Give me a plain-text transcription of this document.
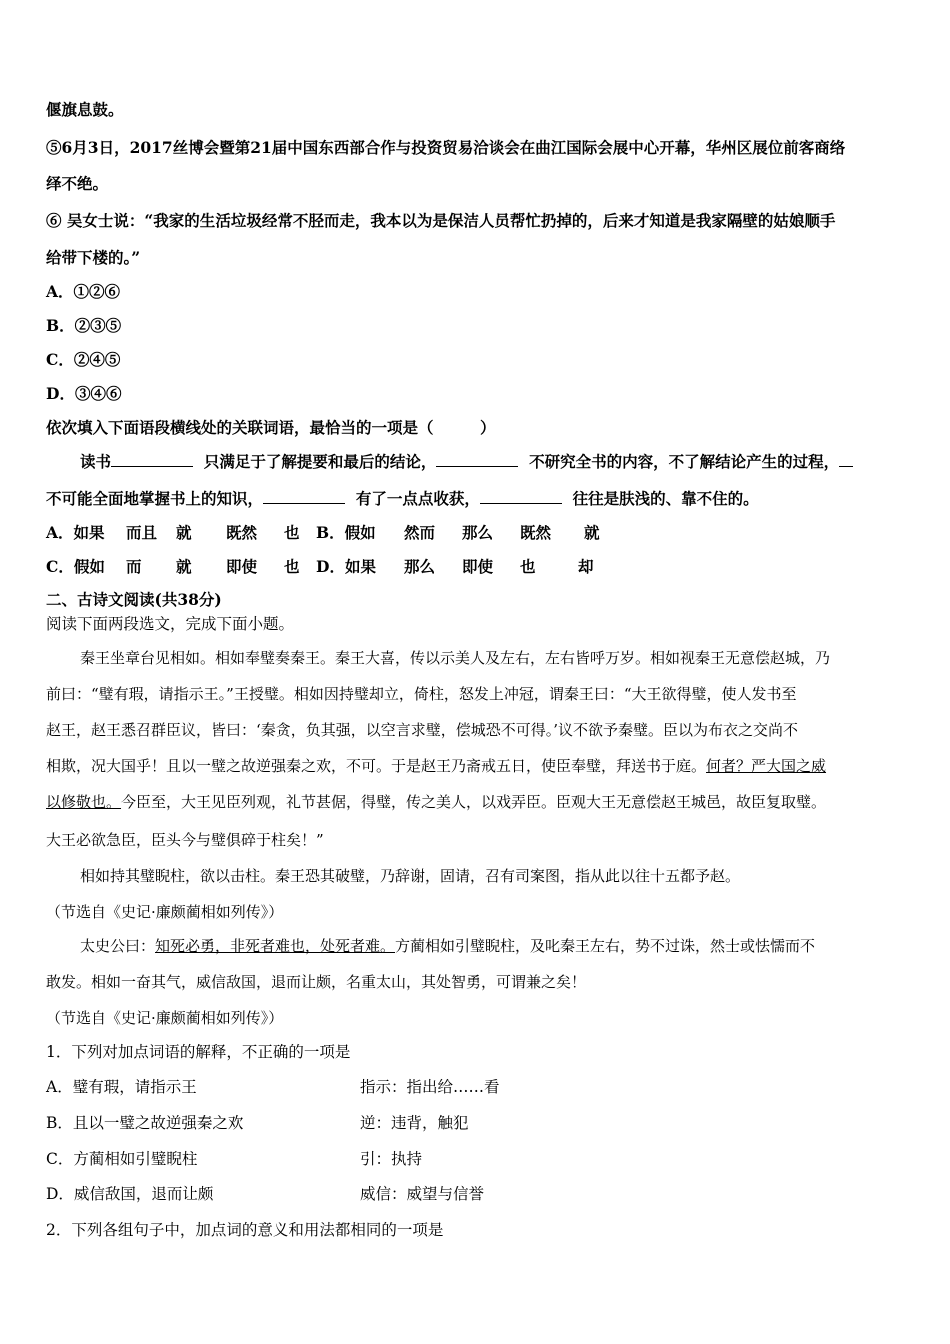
偃旗息鼓。
⑤6月3日，2017丝博会暨第21届中国东西部合作与投资贸易洽谈会在曲江国际会展中心开幕，华州区展位前客商络
绎不绝。
⑥ 吴女士说：“我家的生活垃圾经常不胫而走，我本以为是保洁人员帮忙扔掉的，后来才知道是我家隔壁的姑娘顺手
给带下楼的。”
A．①②⑥
B．②③⑤
C．②④⑤
D．③④⑥
依次填入下面语段横线处的关联词语，最恰当的一项是（　　　）
读书	只满足于了解提要和最后的结论，	不研究全书的内容，不了解结论产生的过程，
不可能全面地掌握书上的知识，	有了一点点收获，	往往是肤浅的、靠不住的。
A．如果 而且 就 既然 也 B．假如 然而 那么 既然 就
C．假如 而 就 即使 也 D．如果 那么 即使 也	却
二、古诗文阅读(共38分)
阅读下面两段选文，完成下面小题。
秦王坐章台见相如。相如奉璧奏秦王。秦王大喜，传以示美人及左右，左右皆呼万岁。相如视秦王无意偿赵城，乃
前曰：“璧有瑕，请指示王。”王授璧。相如因持璧却立，倚柱，怒发上冲冠，谓秦王曰：“大王欲得璧，使人发书至
赵王，赵王悉召群臣议，皆曰：‘秦贪，负其强，以空言求璧，偿城恐不可得。’议不欲予秦璧。臣以为布衣之交尚不
相欺，况大国乎！且以一璧之故逆强秦之欢，不可。于是赵王乃斋戒五日，使臣奉璧，拜送书于庭。何者？严大国之威
以修敬也。今臣至，大王见臣列观，礼节甚倨，得璧，传之美人，以戏弄臣。臣观大王无意偿赵王城邑，故臣复取璧。
大王必欲急臣，臣头今与璧俱碎于柱矣！”
相如持其璧睨柱，欲以击柱。秦王恐其破璧，乃辞谢，固请，召有司案图，指从此以往十五都予赵。
（节选自《史记·廉颇蔺相如列传》）
太史公曰：知死必勇，非死者难也，处死者难。方蔺相如引璧睨柱，及叱秦王左右，势不过诛，然士或怯懦而不
敢发。相如一奋其气，威信敌国，退而让颇，名重太山，其处智勇，可谓兼之矣！
（节选自《史记·廉颇蔺相如列传》）
1．下列对加点词语的解释，不正确的一项是
A．璧有瑕，请指示王	指示：指出给……看
B．且以一璧之故逆强秦之欢	逆：违背，触犯
C．方蔺相如引璧睨柱	引：执持
D．威信敌国，退而让颇	威信：威望与信誉
2．下列各组句子中，加点词的意义和用法都相同的一项是
